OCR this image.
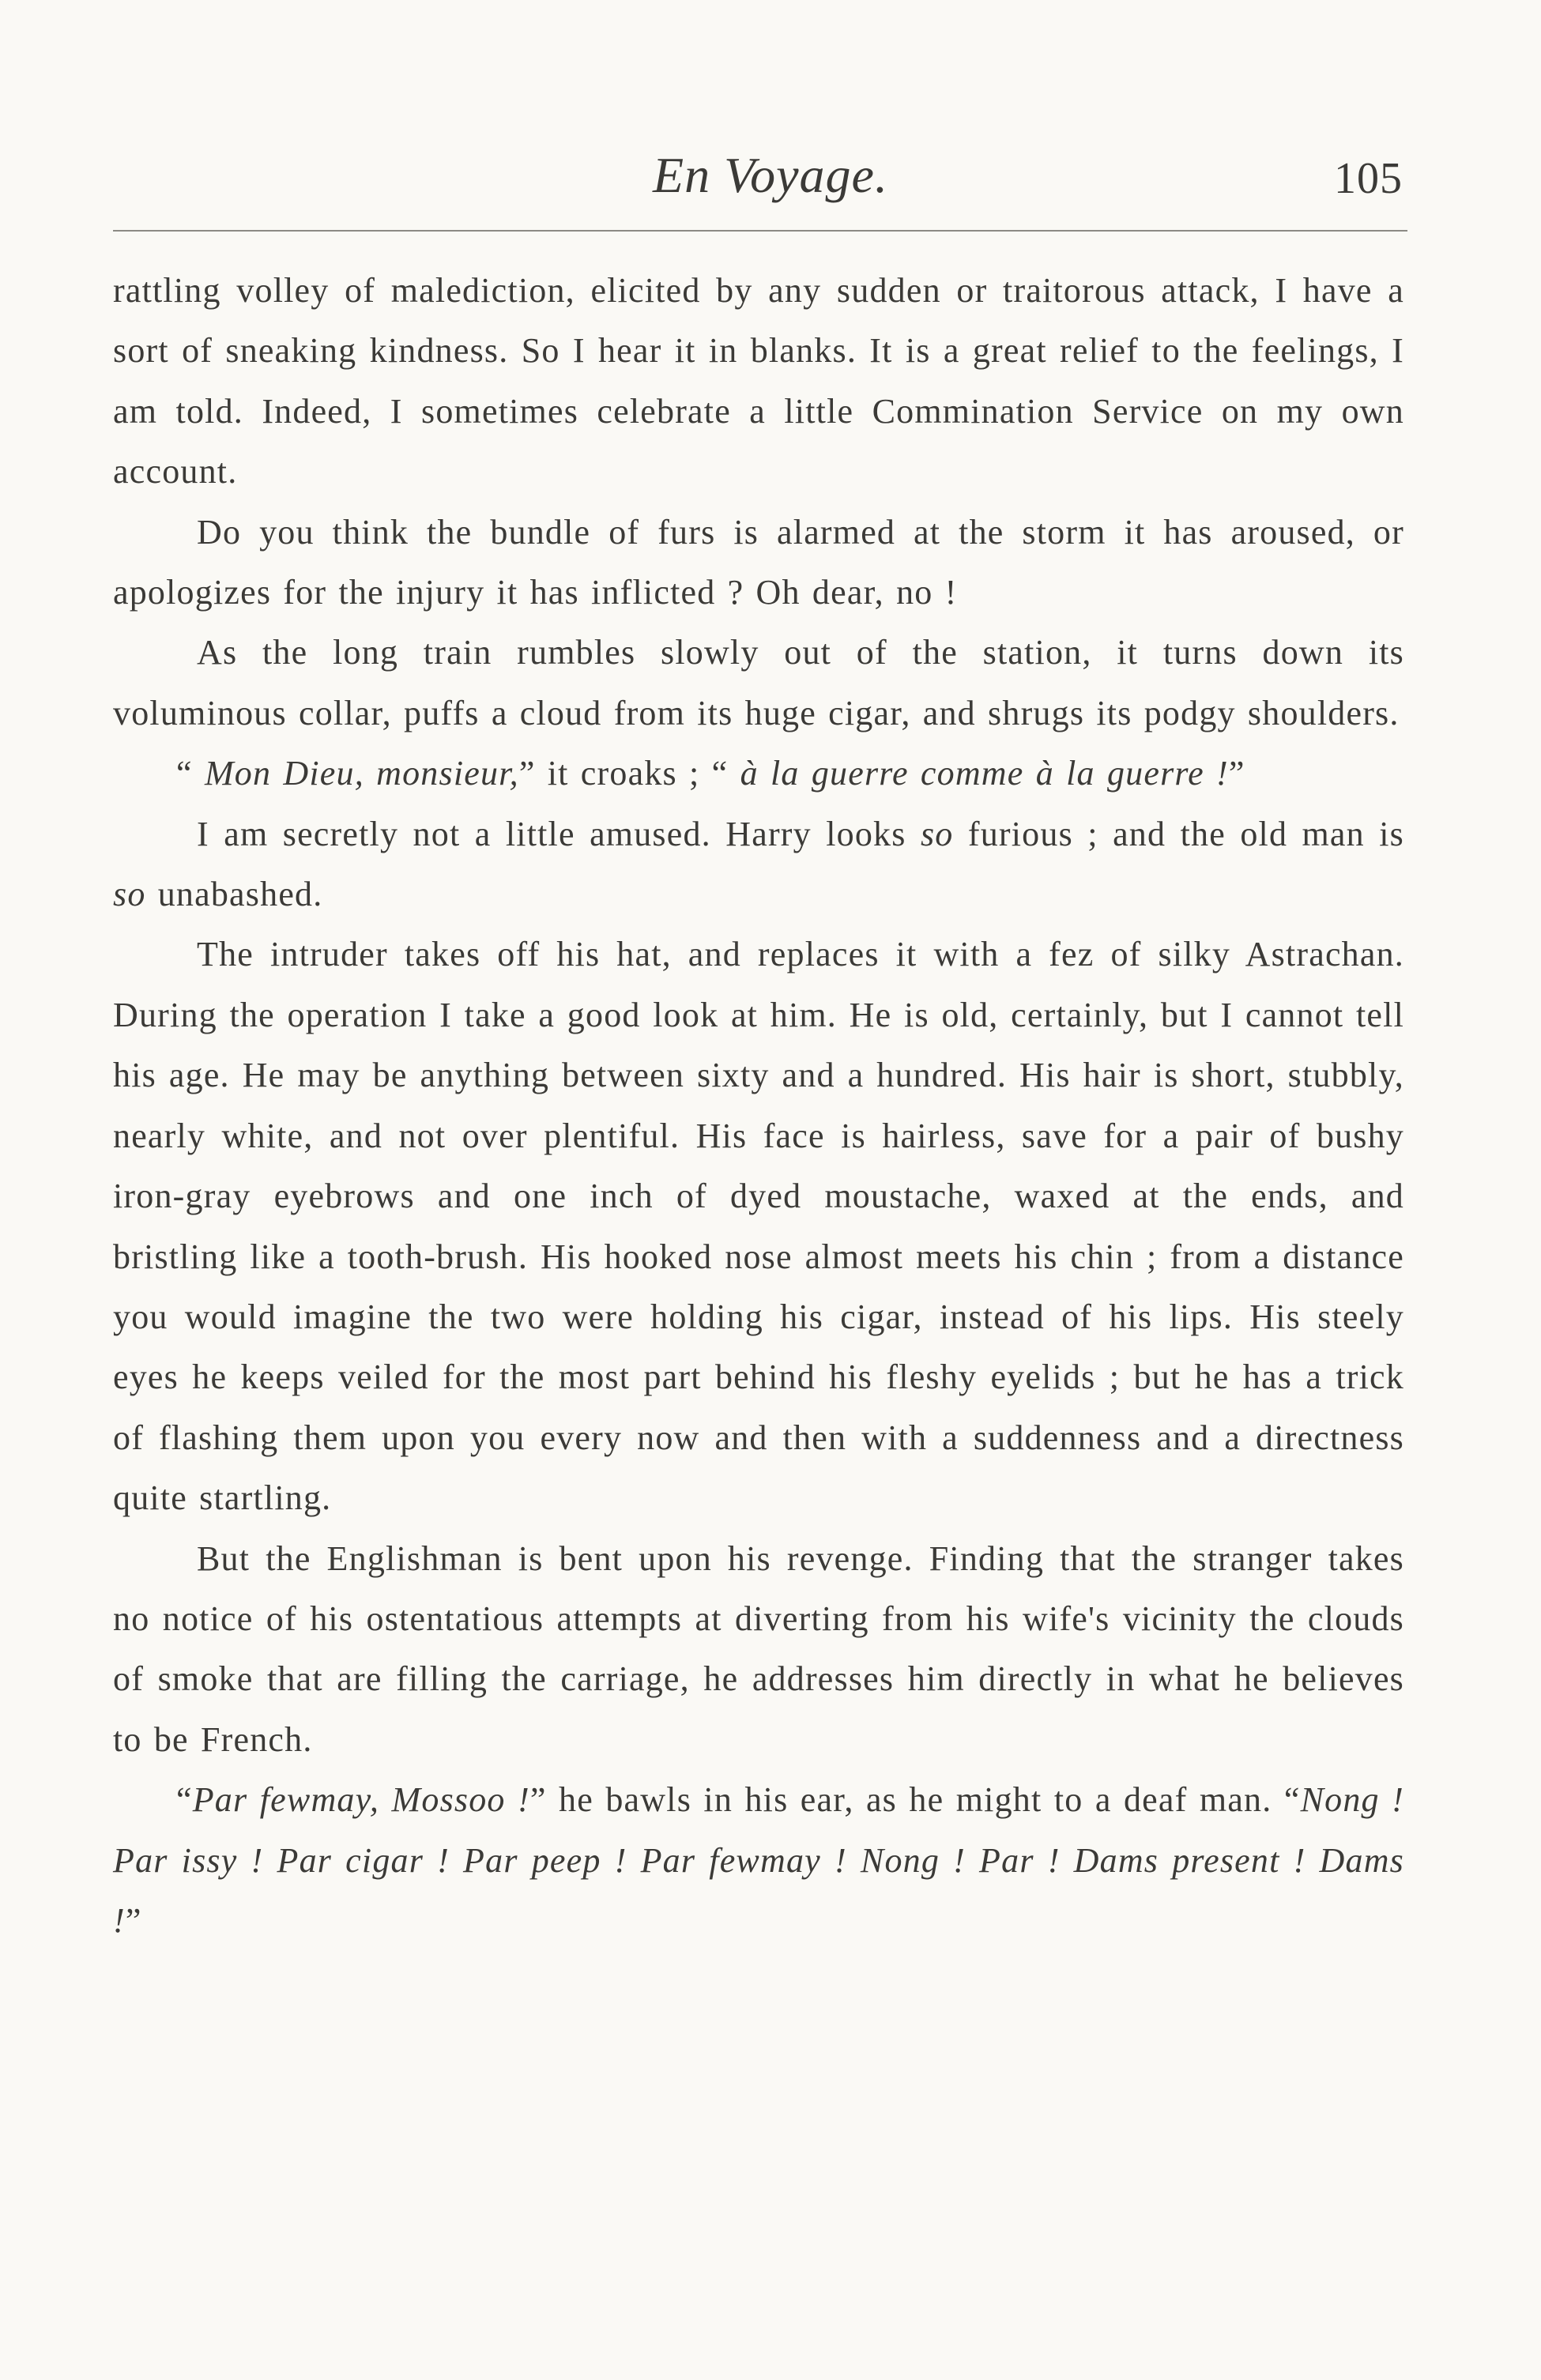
En Voyage.	105

rattling volley of malediction, elicited by any sudden or traitorous attack, I have a sort of sneaking kindness. So I hear it in blanks. It is a great relief to the feelings, I am told. Indeed, I sometimes celebrate a little Commination Service on my own account.

Do you think the bundle of furs is alarmed at the storm it has aroused, or apologizes for the injury it has inflicted ? Oh dear, no !

As the long train rumbles slowly out of the station, it turns down its voluminous collar, puffs a cloud from its huge cigar, and shrugs its podgy shoulders.

“ Mon Dieu, monsieur,” it croaks ; “ à la guerre comme à la guerre !”

I am secretly not a little amused. Harry looks so furious ; and the old man is so unabashed.

The intruder takes off his hat, and replaces it with a fez of silky Astrachan. During the operation I take a good look at him. He is old, certainly, but I cannot tell his age. He may be anything between sixty and a hundred. His hair is short, stubbly, nearly white, and not over plentiful. His face is hairless, save for a pair of bushy iron-gray eyebrows and one inch of dyed moustache, waxed at the ends, and bristling like a tooth-brush. His hooked nose almost meets his chin ; from a distance you would imagine the two were holding his cigar, instead of his lips. His steely eyes he keeps veiled for the most part behind his fleshy eyelids ; but he has a trick of flashing them upon you every now and then with a suddenness and a directness quite startling.

But the Englishman is bent upon his revenge. Finding that the stranger takes no notice of his ostentatious attempts at diverting from his wife's vicinity the clouds of smoke that are filling the carriage, he addresses him directly in what he believes to be French.

“Par fewmay, Mossoo !” he bawls in his ear, as he might to a deaf man. “Nong ! Par issy ! Par cigar ! Par peep ! Par fewmay ! Nong ! Par ! Dams present ! Dams !”
